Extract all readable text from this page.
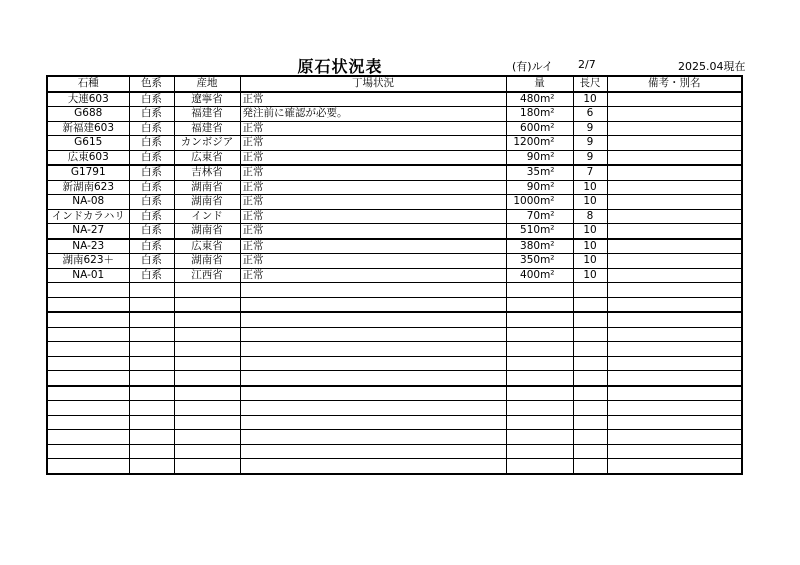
原石状況表	(有)ルイ 2/7	2025.04現在
石種	色系	産地	丁場状況	量	長尺	備考・別名
大連603	白系	遼寧省	正常	480m²	10	
G688	白系	福建省	発注前に確認が必要。	180m²	6	
新福建603	白系	福建省	正常	600m²	9	
G615	白系	カンボジア	正常	1200m²	9	
広東603	白系	広東省	正常	90m²	9	
G1791	白系	吉林省	正常	35m²	7	
新湖南623	白系	湖南省	正常	90m²	10	
NA-08	白系	湖南省	正常	1000m²	10	
インドカラハリ	白系	インド	正常	70m²	8	
NA-27	白系	湖南省	正常	510m²	10	
NA-23	白系	広東省	正常	380m²	10	
湖南623＋	白系	湖南省	正常	350m²	10	
NA-01	白系	江西省	正常	400m²	10	
